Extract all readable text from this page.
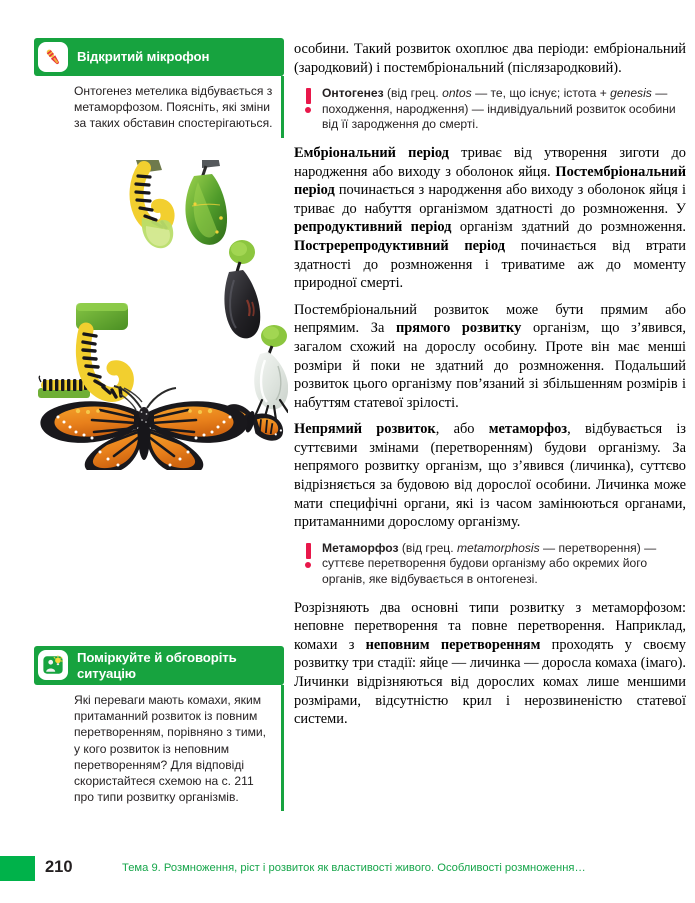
Відкритий мікрофон

Онтогенез метелика відбувається з метаморфозом. Поясніть, які зміни за таких обставин спостерігаються.

Поміркуйте й обговоріть ситуацію

Які переваги мають комахи, яким притаманний розвиток із повним перетворенням, порівняно з тими, у кого розвиток із неповним перетворенням? Для відповіді скористайтеся схемою на с. 211 про типи розвитку організмів.

особини. Такий розвиток охоплює два періоди: ембріональний (зародковий) і постембріональний (післязародковий).

Онтогенез (від грец. ontos — те, що існує; істота + genesis — походження, народження) — індивідуальний розвиток особини від її зародження до смерті.

Ембріональний період триває від утворення зиготи до народження або виходу з оболонок яйця. Постембріональний період починається з народження або виходу з оболонок яйця і триває до набуття організмом здатності до розмноження. У репродуктивний період організм здатний до розмноження. Постререпродуктивний період починається від втрати здатності до розмноження і триватиме аж до моменту природної смерті.

Постембріональний розвиток може бути прямим або непрямим. За прямого розвитку організм, що з’явився, загалом схожий на дорослу особину. Проте він має менші розміри й поки не здатний до розмноження. Подальший розвиток цього організму пов’язаний зі збільшенням розмірів і набуттям статевої зрілості.

Непрямий розвиток, або метаморфоз, відбувається із суттєвими змінами (перетворенням) будови організму. За непрямого розвитку організм, що з’явився (личинка), суттєво відрізняється за будовою від дорослої особини. Личинка може мати специфічні органи, які із часом замінюються органами, притаманними дорослому організму.

Метаморфоз (від грец. metamorphosis — перетворення) — суттєве перетворення будови організму або окремих його органів, яке відбувається в онтогенезі.

Розрізняють два основні типи розвитку з метаморфозом: неповне перетворення та повне перетворення. Наприклад, комахи з неповним перетворенням проходять у своєму розвитку три стадії: яйце — личинка — доросла комаха (імаго). Личинки відрізняються від дорослих комах лише меншими розмірами, відсутністю крил і нерозвиненістю статевої системи.

210	Тема 9. Розмноження, ріст і розвиток як властивості живого. Особливості розмноження…
